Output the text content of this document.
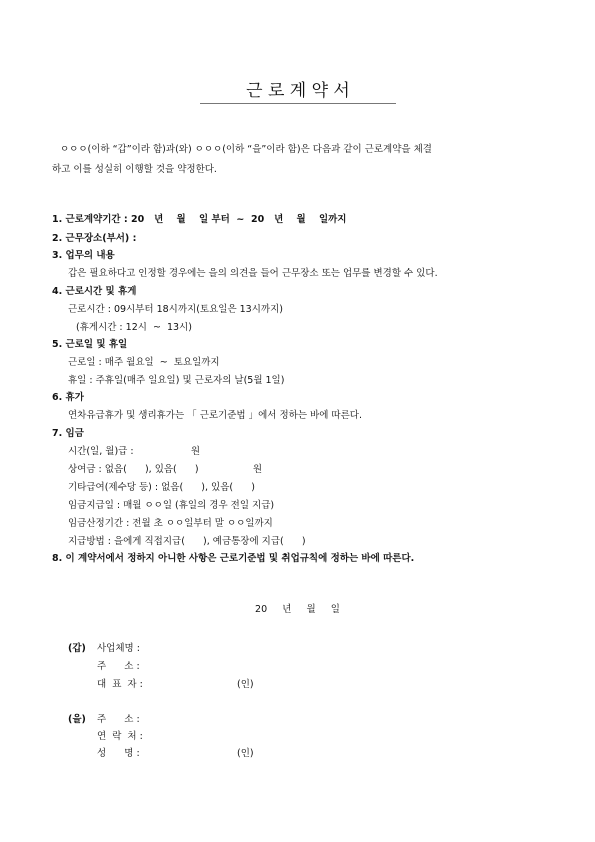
근 로 계 약 서
ㅇㅇㅇ(이하 “갑”이라 함)과(와) ㅇㅇㅇ(이하 “을”이라 함)은 다음과 같이 근로계약을 체결
하고 이를 성실히 이행할 것을 약정한다.
1. 근로계약기간 : 20   년    월    일 부터  ~  20   년    월    일까지
2. 근무장소(부서) :
3. 업무의 내용
갑은 필요하다고 인정할 경우에는 을의 의견을 들어 근무장소 또는 업무를 변경할 수 있다.
4. 근로시간 및 휴게
근로시간 : 09시부터 18시까지(토요일은 13시까지)
(휴게시간 : 12시  ~  13시)
5. 근로일 및 휴일
근로일 : 매주 월요일  ~  토요일까지
휴일 : 주휴일(매주 일요일) 및 근로자의 날(5월 1일)
6. 휴가
연차유급휴가 및 생리휴가는 「 근로기준법 」에서 정하는 바에 따른다.
7. 임금
시간(일, 월)급 :                   원
상여금 : 없음(      ), 있음(      )                  원
기타급여(제수당 등) : 없음(      ), 있음(      )
임금지급일 : 매월 ㅇㅇ일 (휴일의 경우 전일 지급)
임금산정기간 : 전월 초 ㅇㅇ일부터 말 ㅇㅇ일까지
지급방법 : 을에게 직접지급(      ), 예금통장에 지급(      )
8. 이 계약서에서 정하지 아니한 사항은 근로기준법 및 취업규칙에 정하는 바에 따른다.
20     년     월     일
(갑) 사업체명 :
주      소 :
대  표  자 :	(인)
(을) 주      소 :
연  락  처 :
성      명 :	(인)
